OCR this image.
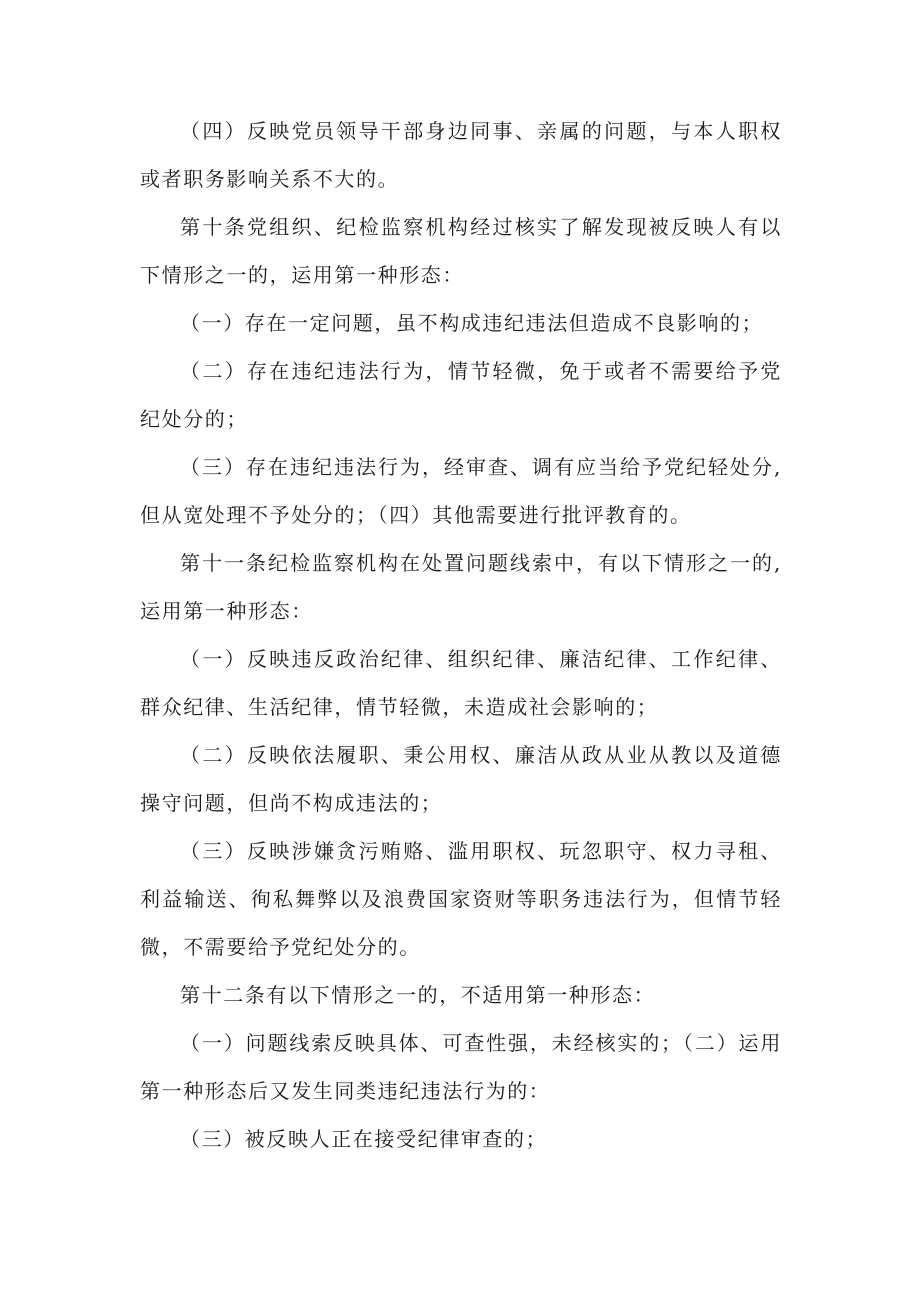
（四）反映党员领导干部身边同事、亲属的问题，与本人职权或者职务影响关系不大的。

第十条党组织、纪检监察机构经过核实了解发现被反映人有以下情形之一的，运用第一种形态：

（一）存在一定问题，虽不构成违纪违法但造成不良影响的；

（二）存在违纪违法行为，情节轻微，免于或者不需要给予党纪处分的；

（三）存在违纪违法行为，经审查、调有应当给予党纪轻处分,但从宽处理不予处分的；（四）其他需要进行批评教育的。

第十一条纪检监察机构在处置问题线索中，有以下情形之一的,运用第一种形态：

（一）反映违反政治纪律、组织纪律、廉洁纪律、工作纪律、群众纪律、生活纪律，情节轻微，未造成社会影响的；

（二）反映依法履职、秉公用权、廉洁从政从业从教以及道德操守问题，但尚不构成违法的；

（三）反映涉嫌贪污贿赂、滥用职权、玩忽职守、权力寻租、利益输送、徇私舞弊以及浪费国家资财等职务违法行为，但情节轻微，不需要给予党纪处分的。

第十二条有以下情形之一的，不适用第一种形态：

（一）问题线索反映具体、可查性强，未经核实的；（二）运用第一种形态后又发生同类违纪违法行为的：

（三）被反映人正在接受纪律审查的；
